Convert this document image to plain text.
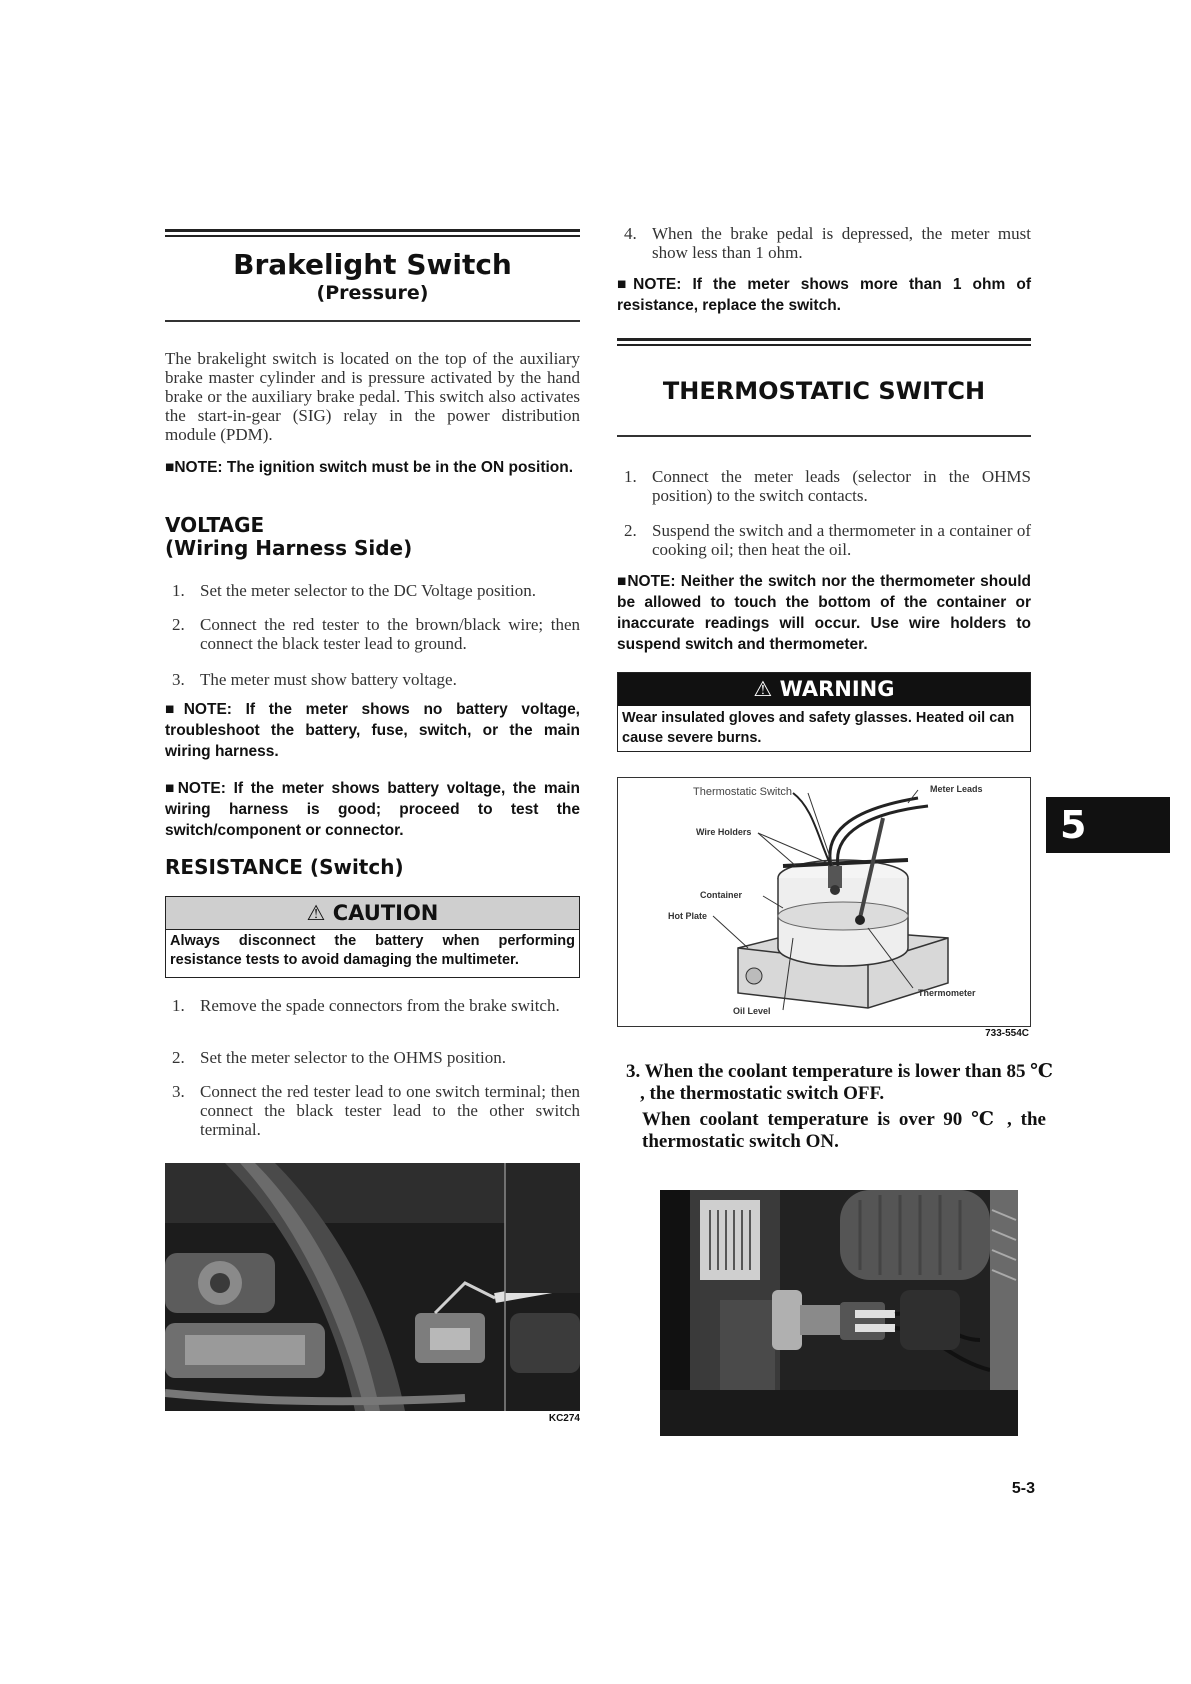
Brakelight Switch
(Pressure)
The brakelight switch is located on the top of the auxiliary brake master cylinder and is pressure activated by the hand brake or the auxiliary brake pedal. This switch also activates the start-in-gear (SIG) relay in the power distribution module (PDM).
■NOTE: The ignition switch must be in the ON position.
VOLTAGE
(Wiring Harness Side)
1. Set the meter selector to the DC Voltage position.
2. Connect the red tester to the brown/black wire; then connect the black tester lead to ground.
3. The meter must show battery voltage.
■NOTE: If the meter shows no battery voltage, troubleshoot the battery, fuse, switch, or the main wiring harness.
■NOTE: If the meter shows battery voltage, the main wiring harness is good; proceed to test the switch/component or connector.
RESISTANCE (Switch)
⚠ CAUTION
Always disconnect the battery when performing resistance tests to avoid damaging the multimeter.
1. Remove the spade connectors from the brake switch.
2. Set the meter selector to the OHMS position.
3. Connect the red tester lead to one switch terminal; then connect the black tester lead to the other switch terminal.
KC274
4. When the brake pedal is depressed, the meter must show less than 1 ohm.
■NOTE: If the meter shows more than 1 ohm of resistance, replace the switch.
THERMOSTATIC SWITCH
1. Connect the meter leads (selector in the OHMS position) to the switch contacts.
2. Suspend the switch and a thermometer in a container of cooking oil; then heat the oil.
■NOTE: Neither the switch nor the thermometer should be allowed to touch the bottom of the container or inaccurate readings will occur. Use wire holders to suspend switch and thermometer.
⚠ WARNING
Wear insulated gloves and safety glasses. Heated oil can cause severe burns.
Thermostatic Switch	Meter Leads
Wire Holders
Container
Hot Plate
Thermometer
Oil Level
733-554C
3. When the coolant temperature is lower than 85 ℃ , the thermostatic switch OFF.
When coolant temperature is over 90 ℃ , the thermostatic switch ON.
5
5-3
